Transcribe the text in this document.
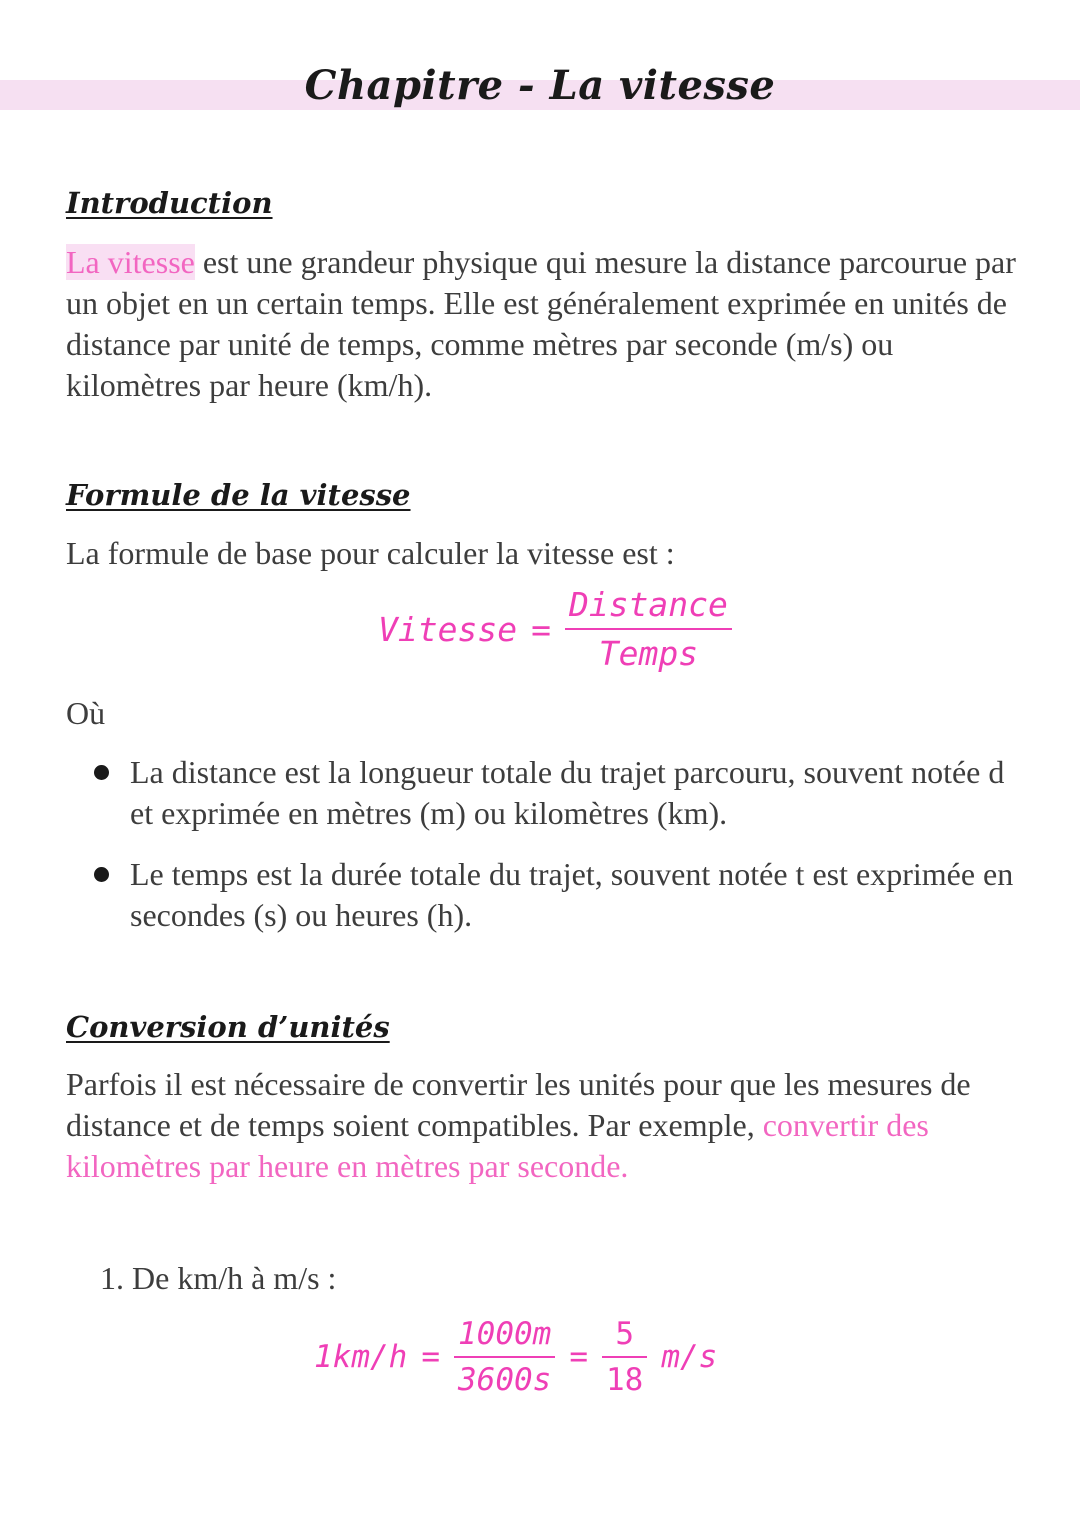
Chapitre - La vitesse
Introduction
La vitesse est une grandeur physique qui mesure la distance parcourue par un objet en un certain temps. Elle est généralement exprimée en unités de distance par unité de temps, comme mètres par seconde (m/s) ou kilomètres par heure (km/h).
Formule de la vitesse
La formule de base pour calculer la vitesse est :
Vitesse = $\frac{\text{Distance}}{\text{Temps}}$
Où
La distance est la longueur totale du trajet parcouru, souvent notée d et exprimée en mètres (m) ou kilomètres (km).
Le temps est la durée totale du trajet, souvent notée t est exprimée en secondes (s) ou heures (h).
Conversion d’unités
Parfois il est nécessaire de convertir les unités pour que les mesures de distance et de temps soient compatibles. Par exemple, convertir des kilomètres par heure en mètres par seconde.
1. De km/h à m/s :
$1km/h = \frac{1000m}{3600s} = \frac{5}{18} m/s$
